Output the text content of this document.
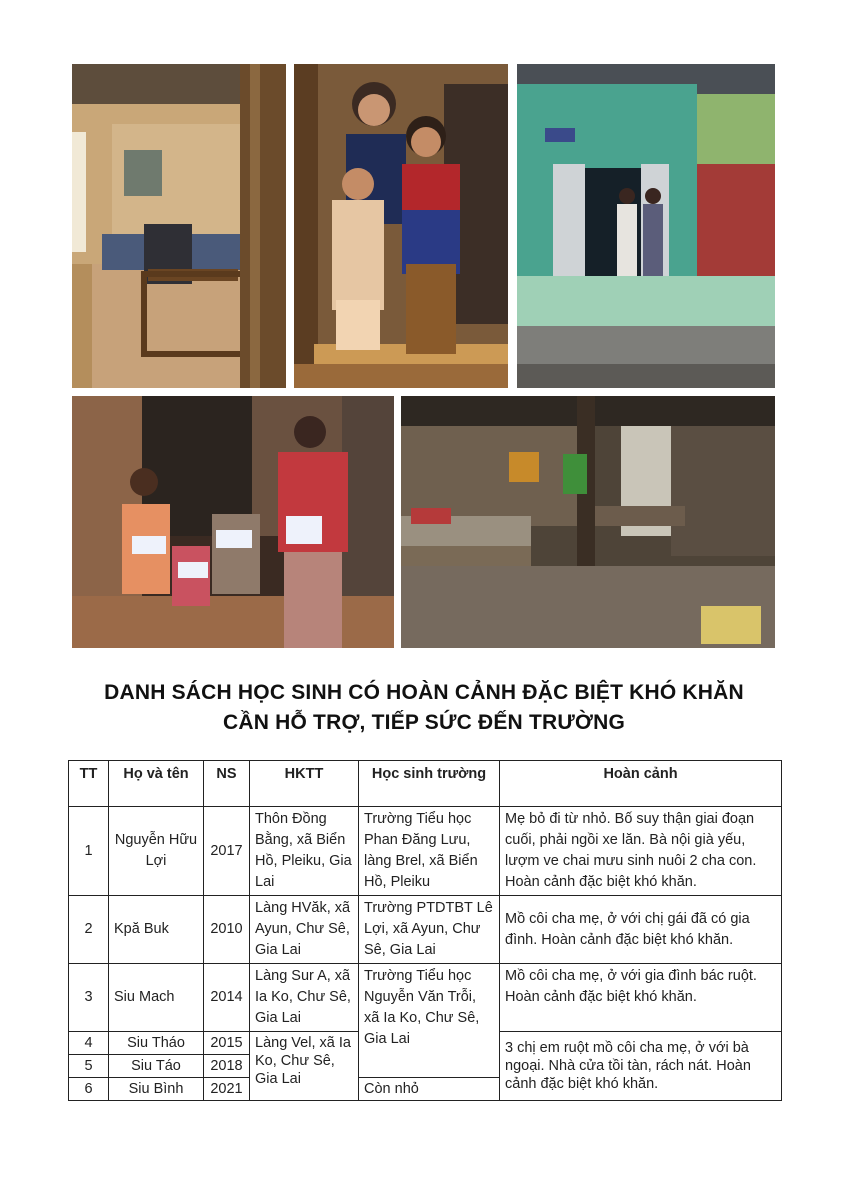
DANH SÁCH HỌC SINH CÓ HOÀN CẢNH ĐẶC BIỆT KHÓ KHĂN
CẦN HỖ TRỢ, TIẾP SỨC ĐẾN TRƯỜNG
TT	Họ và tên	NS	HKTT	Học sinh trường	Hoàn cảnh
1	Nguyễn Hữu Lợi	2017	Thôn Đồng Bằng, xã Biển Hồ, Pleiku, Gia Lai	Trường Tiểu học Phan Đăng Lưu, làng Brel, xã Biển Hồ, Pleiku	Mẹ bỏ đi từ nhỏ. Bố suy thận giai đoạn cuối, phải ngồi xe lăn. Bà nội già yếu, lượm ve chai mưu sinh nuôi 2 cha con. Hoàn cảnh đặc biệt khó khăn.
2	Kpă Buk	2010	Làng HVăk, xã Ayun, Chư Sê, Gia Lai	Trường PTDTBT Lê Lợi, xã Ayun, Chư Sê, Gia Lai	Mồ côi cha mẹ, ở với chị gái đã có gia đình. Hoàn cảnh đặc biệt khó khăn.
3	Siu Mach	2014	Làng Sur A, xã Ia Ko, Chư Sê, Gia Lai	Trường Tiểu học Nguyễn Văn Trỗi, xã Ia Ko, Chư Sê, Gia Lai	Mồ côi cha mẹ, ở với gia đình bác ruột. Hoàn cảnh đặc biệt khó khăn.
4	Siu Tháo	2015	Làng Vel, xã Ia Ko, Chư Sê, Gia Lai		3 chị em ruột mồ côi cha mẹ, ở với bà ngoại. Nhà cửa tồi tàn, rách nát. Hoàn cảnh đặc biệt khó khăn.
5	Siu Táo	2018			
6	Siu Bình	2021		Còn nhỏ	
